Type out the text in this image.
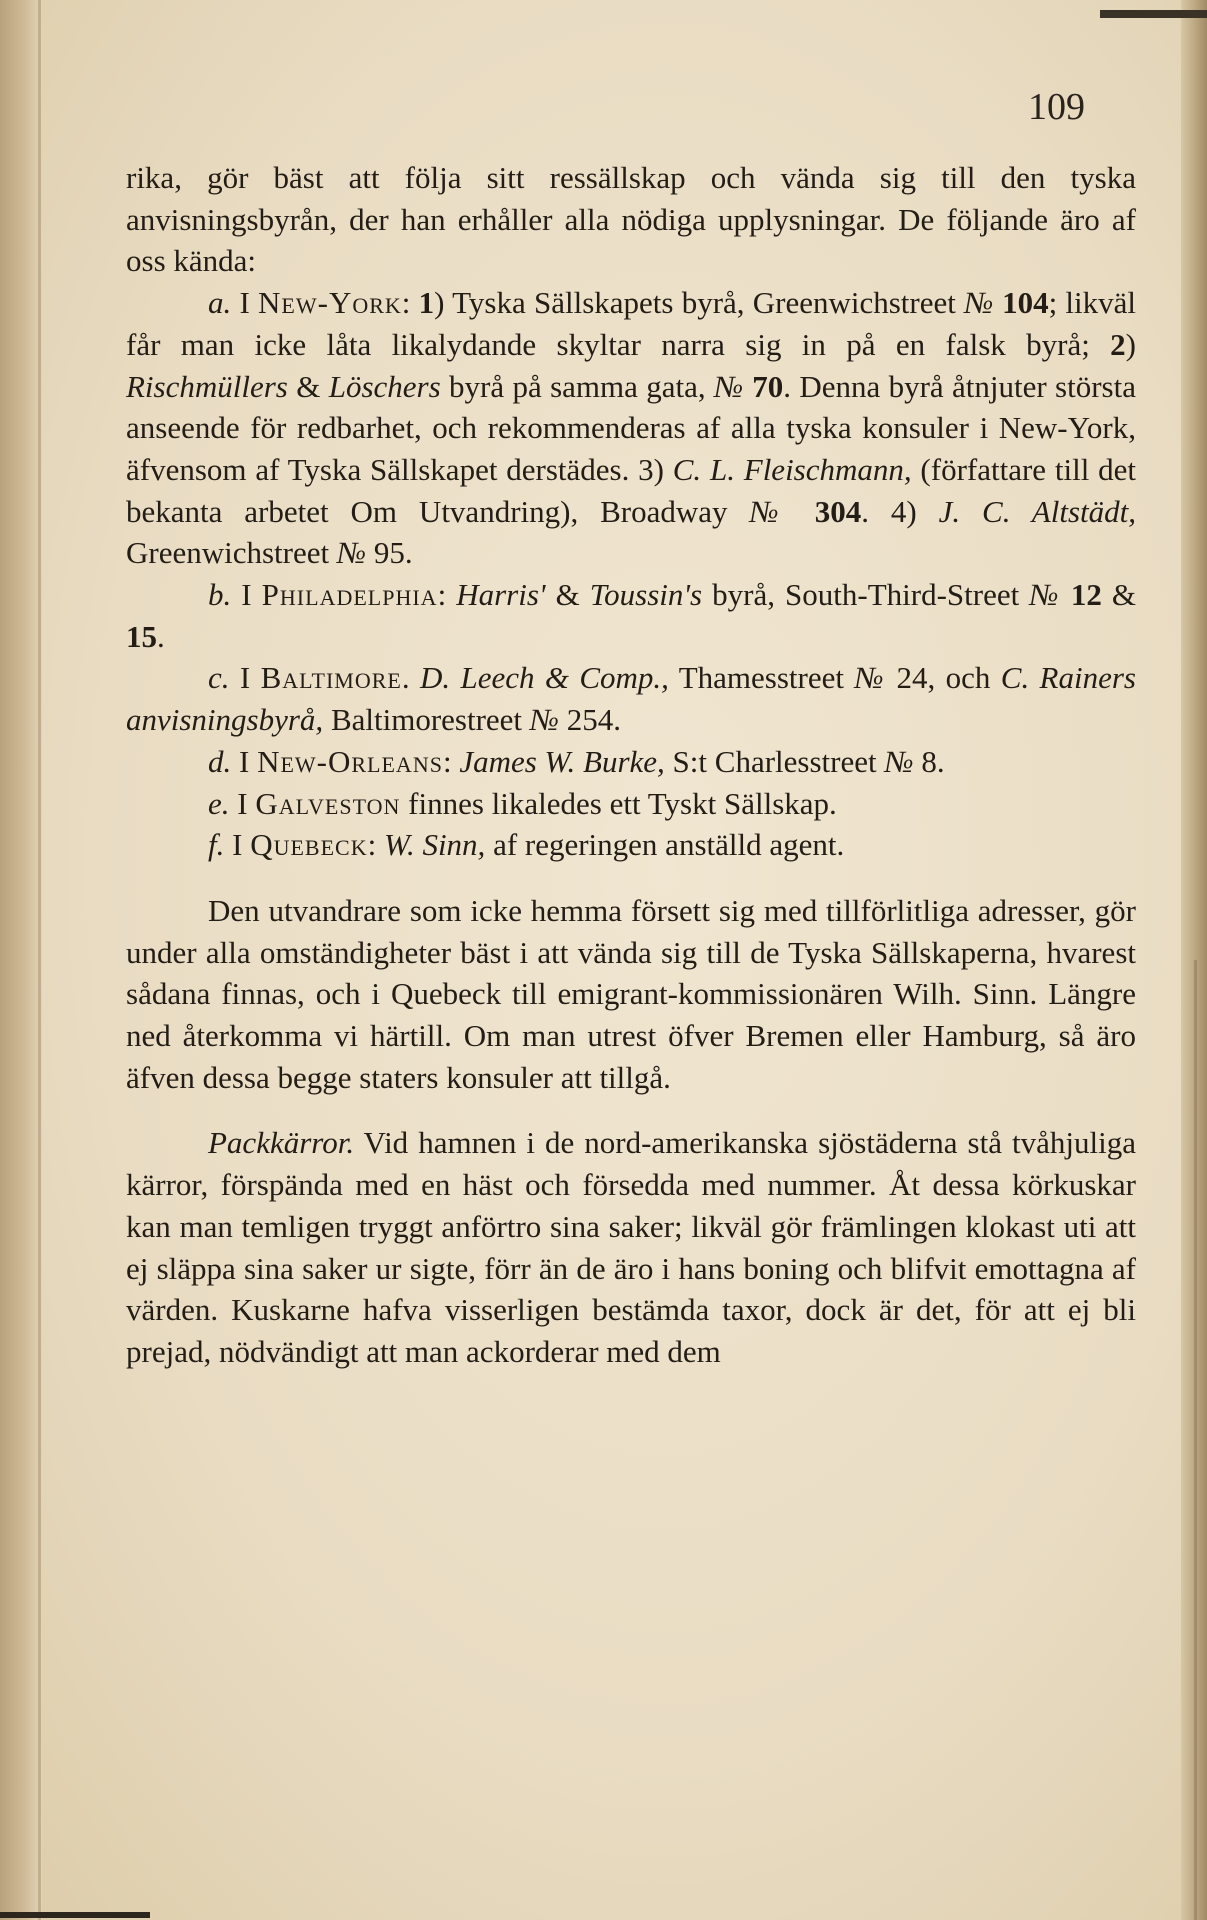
109

rika, gör bäst att följa sitt ressällskap och vända sig till den tyska anvisningsbyrån, der han erhåller alla nödiga upplysningar. De följande äro af oss kända:

a. I New-York: 1) Tyska Sällskapets byrå, Greenwichstreet № 104; likväl får man icke låta likalydande skyltar narra sig in på en falsk byrå; 2) Rischmüllers & Löschers byrå på samma gata, № 70. Denna byrå åtnjuter största anseende för redbarhet, och rekommenderas af alla tyska konsuler i New-York, äfvensom af Tyska Sällskapet derstädes. 3) C. L. Fleischmann, (författare till det bekanta arbetet Om Utvandring), Broadway № 304. 4) J. C. Altstädt, Greenwichstreet № 95.

b. I Philadelphia: Harris' & Toussin's byrå, South-Third-Street № 12 & 15.

c. I Baltimore. D. Leech & Comp., Thamesstreet № 24, och C. Rainers anvisningsbyrå, Baltimorestreet № 254.

d. I New-Orleans: James W. Burke, S:t Charlesstreet № 8.

e. I Galveston finnes likaledes ett Tyskt Sällskap.

f. I Quebeck: W. Sinn, af regeringen anställd agent.

Den utvandrare som icke hemma försett sig med tillförlitliga adresser, gör under alla omständigheter bäst i att vända sig till de Tyska Sällskaperna, hvarest sådana finnas, och i Quebeck till emigrant-kommissionären Wilh. Sinn. Längre ned återkomma vi härtill. Om man utrest öfver Bremen eller Hamburg, så äro äfven dessa begge staters konsuler att tillgå.

Packkärror. Vid hamnen i de nord-amerikanska sjöstäderna stå tvåhjuliga kärror, förspända med en häst och försedda med nummer. Åt dessa körkuskar kan man temligen tryggt anförtro sina saker; likväl gör främlingen klokast uti att ej släppa sina saker ur sigte, förr än de äro i hans boning och blifvit emottagna af värden. Kuskarne hafva visserligen bestämda taxor, dock är det, för att ej bli prejad, nödvändigt att man ackorderar med dem
